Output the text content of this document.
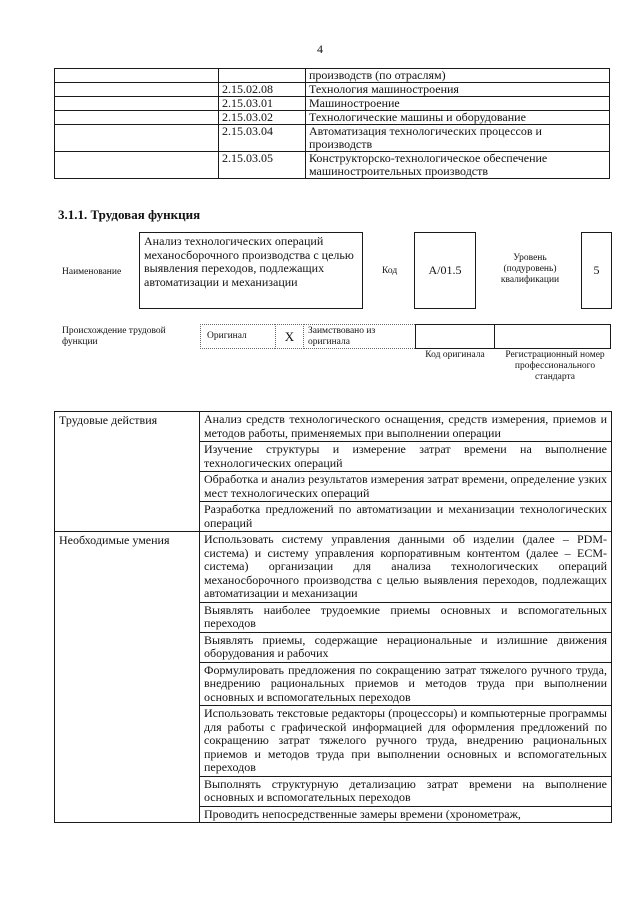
4
		производств (по отраслям)
	2.15.02.08	Технология машиностроения
	2.15.03.01	Машиностроение
	2.15.03.02	Технологические машины и оборудование
	2.15.03.04	Автоматизация технологических процессов и производств
	2.15.03.05	Конструкторско-технологическое обеспечение машиностроительных производств
3.1.1. Трудовая функция
Наименование
Анализ технологических операций механосборочного производства с целью выявления переходов, подлежащих автоматизации и механизации
Код	A/01.5
Уровень (подуровень) квалификации
5
Происхождение трудовой функции
Оригинал	X	Заимствовано из оригинала
Код оригинала	Регистрационный номер профессионального стандарта
Трудовые действия	Анализ средств технологического оснащения, средств измерения, приемов и методов работы, применяемых при выполнении операции
	Изучение структуры и измерение затрат времени на выполнение технологических операций
	Обработка и анализ результатов измерения затрат времени, определение узких мест технологических операций
	Разработка предложений по автоматизации и механизации технологических операций
Необходимые умения	Использовать систему управления данными об изделии (далее – PDM-система) и систему управления корпоративным контентом (далее – ECM-система) организации для анализа технологических операций механосборочного производства с целью выявления переходов, подлежащих автоматизации и механизации
	Выявлять наиболее трудоемкие приемы основных и вспомогательных переходов
	Выявлять приемы, содержащие нерациональные и излишние движения оборудования и рабочих
	Формулировать предложения по сокращению затрат тяжелого ручного труда, внедрению рациональных приемов и методов труда при выполнении основных и вспомогательных переходов
	Использовать текстовые редакторы (процессоры) и компьютерные программы для работы с графической информацией для оформления предложений по сокращению затрат тяжелого ручного труда, внедрению рациональных приемов и методов труда при выполнении основных и вспомогательных переходов
	Выполнять структурную детализацию затрат времени на выполнение основных и вспомогательных переходов
	Проводить непосредственные замеры времени (хронометраж,
